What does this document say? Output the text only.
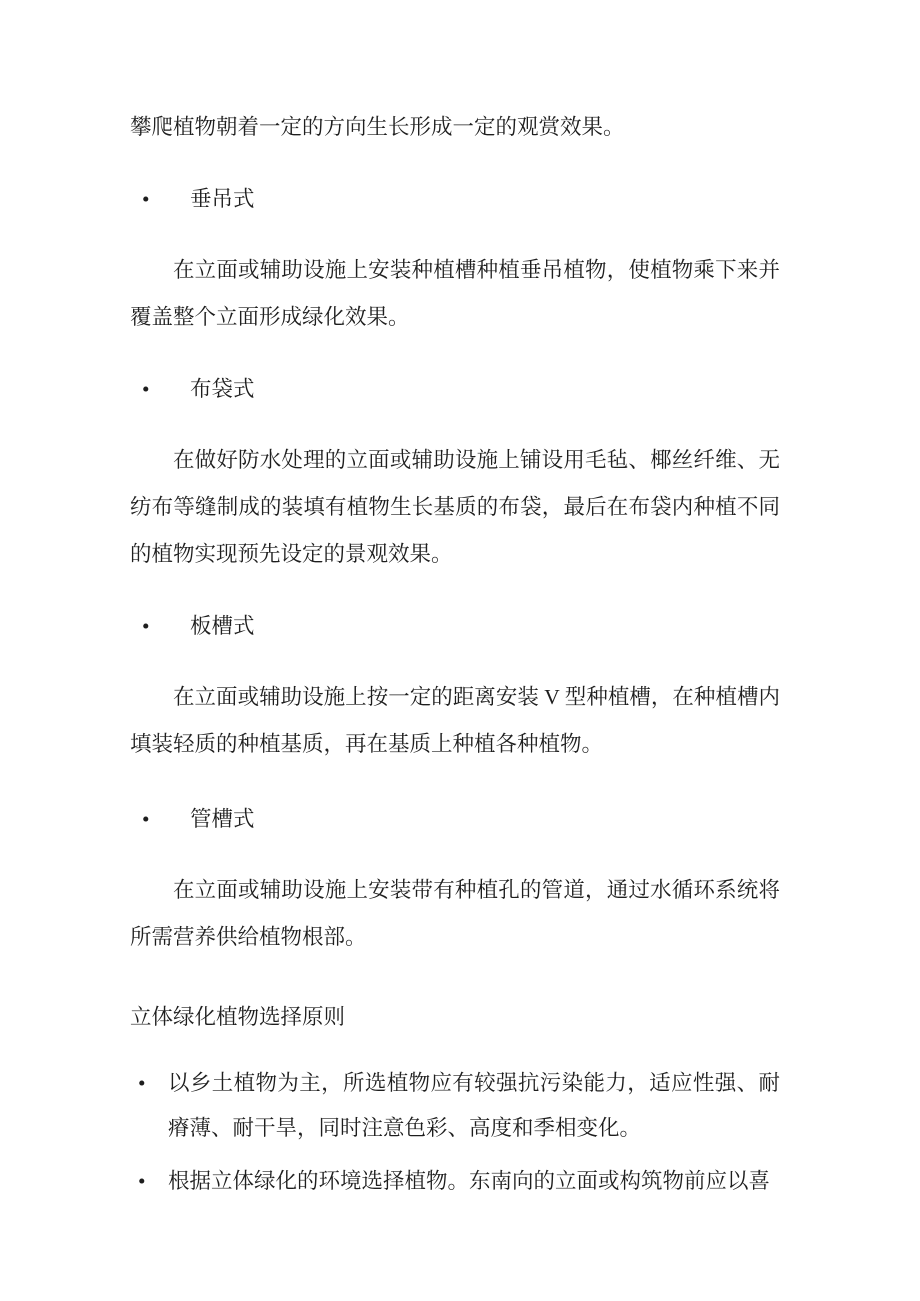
攀爬植物朝着一定的方向生长形成一定的观赏效果。
• 垂吊式
在立面或辅助设施上安装种植槽种植垂吊植物，使植物乘下来并
覆盖整个立面形成绿化效果。
• 布袋式
在做好防水处理的立面或辅助设施上铺设用毛毡、椰丝纤维、无
纺布等缝制成的装填有植物生长基质的布袋，最后在布袋内种植不同
的植物实现预先设定的景观效果。
• 板槽式
在立面或辅助设施上按一定的距离安装 V 型种植槽，在种植槽内
填装轻质的种植基质，再在基质上种植各种植物。
• 管槽式
在立面或辅助设施上安装带有种植孔的管道，通过水循环系统将
所需营养供给植物根部。
立体绿化植物选择原则
• 以乡土植物为主，所选植物应有较强抗污染能力，适应性强、耐
瘠薄、耐干旱，同时注意色彩、高度和季相变化。
• 根据立体绿化的环境选择植物。东南向的立面或构筑物前应以喜
